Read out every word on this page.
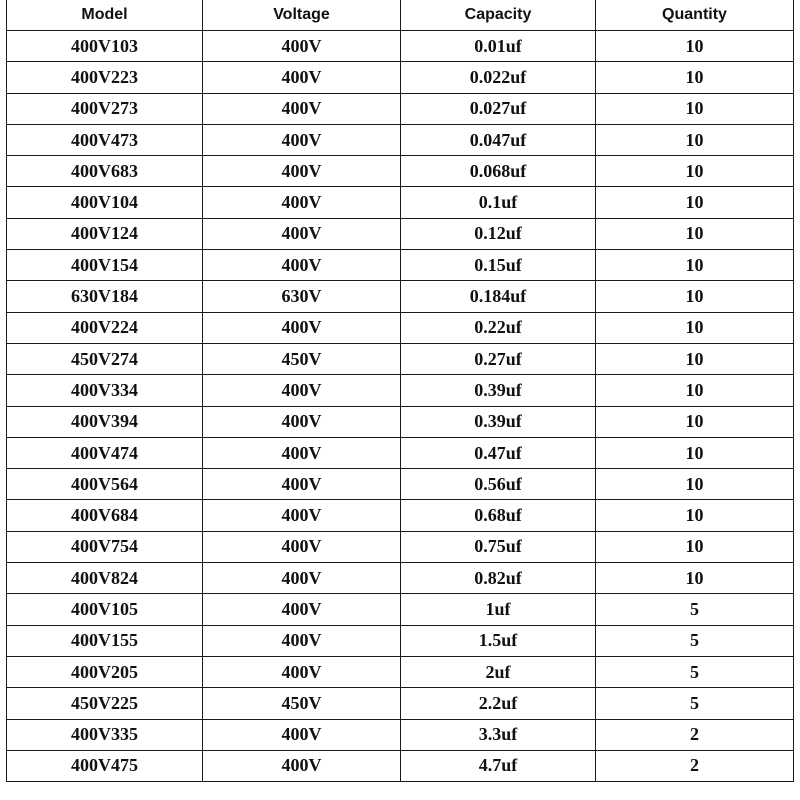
Model	Voltage	Capacity	Quantity
400V103	400V	0.01uf	10
400V223	400V	0.022uf	10
400V273	400V	0.027uf	10
400V473	400V	0.047uf	10
400V683	400V	0.068uf	10
400V104	400V	0.1uf	10
400V124	400V	0.12uf	10
400V154	400V	0.15uf	10
630V184	630V	0.184uf	10
400V224	400V	0.22uf	10
450V274	450V	0.27uf	10
400V334	400V	0.39uf	10
400V394	400V	0.39uf	10
400V474	400V	0.47uf	10
400V564	400V	0.56uf	10
400V684	400V	0.68uf	10
400V754	400V	0.75uf	10
400V824	400V	0.82uf	10
400V105	400V	1uf	5
400V155	400V	1.5uf	5
400V205	400V	2uf	5
450V225	450V	2.2uf	5
400V335	400V	3.3uf	2
400V475	400V	4.7uf	2
